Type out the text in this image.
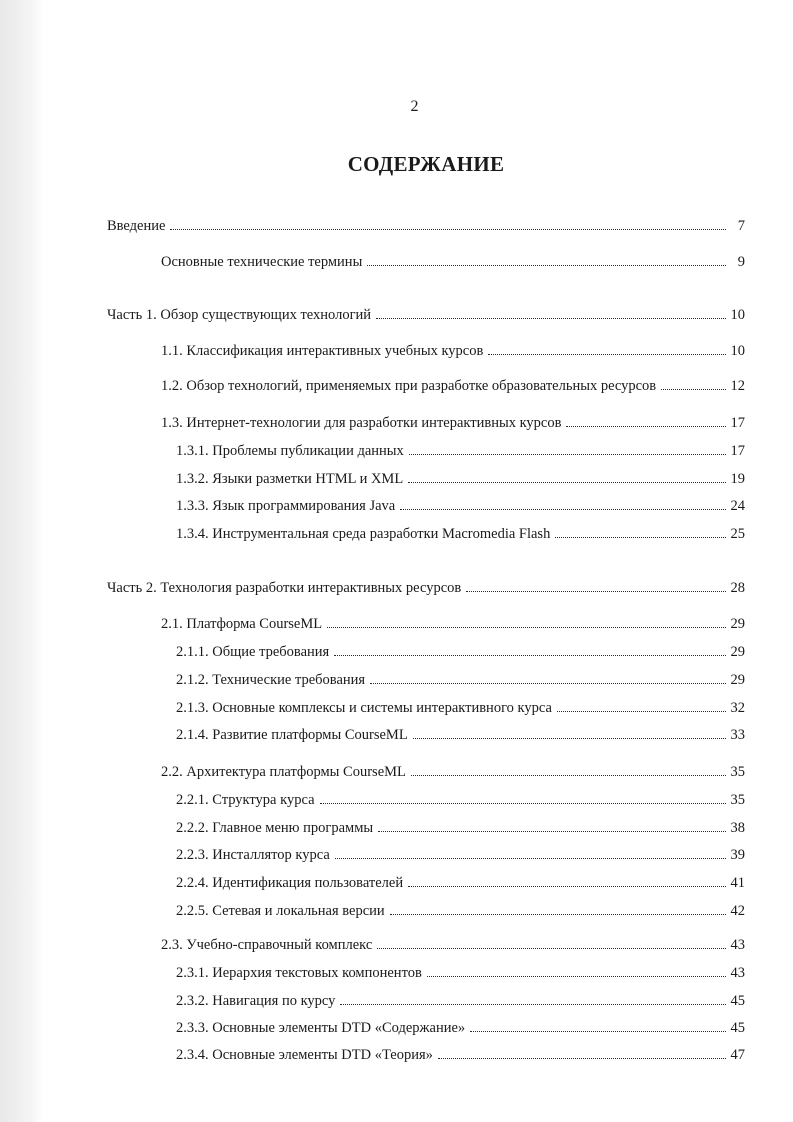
2
СОДЕРЖАНИЕ
Введение	7
Основные технические термины	9
Часть 1. Обзор существующих технологий	10
1.1. Классификация интерактивных учебных курсов	10
1.2. Обзор технологий, применяемых при разработке образовательных ресурсов	12
1.3. Интернет-технологии для разработки интерактивных курсов	17
1.3.1. Проблемы публикации данных	17
1.3.2. Языки разметки HTML и XML	19
1.3.3. Язык программирования Java	24
1.3.4. Инструментальная среда разработки Macromedia Flash	25
Часть 2. Технология разработки интерактивных ресурсов	28
2.1. Платформа CourseML	29
2.1.1. Общие требования	29
2.1.2. Технические требования	29
2.1.3. Основные комплексы и системы интерактивного курса	32
2.1.4. Развитие платформы CourseML	33
2.2. Архитектура платформы CourseML	35
2.2.1. Структура курса	35
2.2.2. Главное меню программы	38
2.2.3. Инсталлятор курса	39
2.2.4. Идентификация пользователей	41
2.2.5. Сетевая и локальная версии	42
2.3. Учебно-справочный комплекс	43
2.3.1. Иерархия текстовых компонентов	43
2.3.2. Навигация по курсу	45
2.3.3. Основные элементы DTD «Содержание»	45
2.3.4. Основные элементы DTD «Теория»	47
